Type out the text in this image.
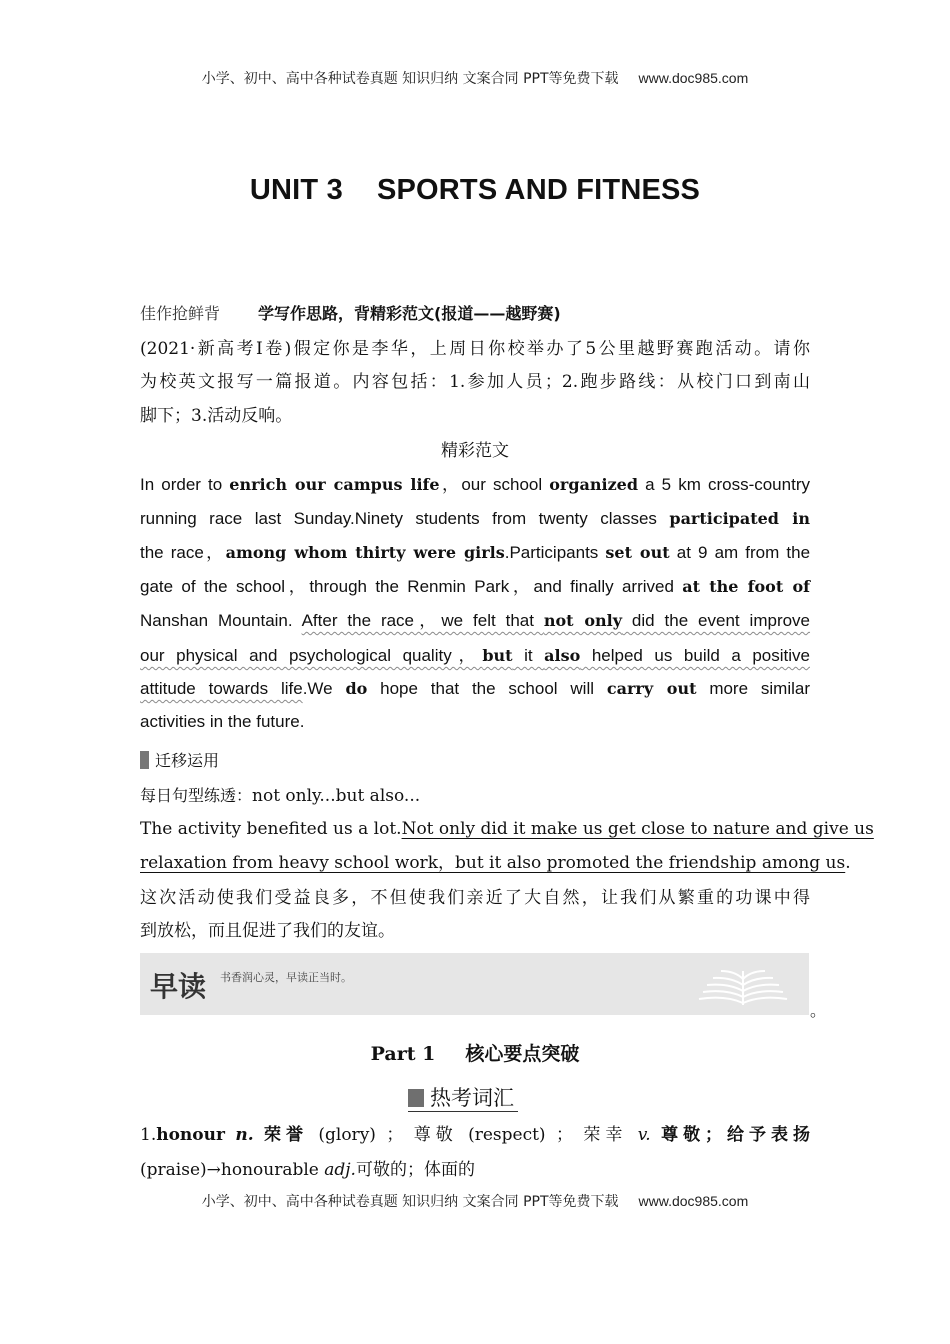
小学、初中、高中各种试卷真题 知识归纳 文案合同 PPT等免费下载 www.doc985.com
UNIT 3 SPORTS AND FITNESS
佳作抢鲜背 学写作思路，背精彩范文(报道——越野赛)
(2021·新高考Ⅰ卷)假定你是李华，上周日你校举办了5公里越野赛跑活动。请你
为校英文报写一篇报道。内容包括：1.参加人员；2.跑步路线：从校门口到南山
脚下；3.活动反响。
精彩范文
In order to enrich our campus life，our school organized a 5 km cross-country
running race last Sunday.Ninety students from twenty classes participated in
the race，among whom thirty were girls.Participants set out at 9 am from the
gate of the school，through the Renmin Park，and finally arrived at the foot of
Nanshan Mountain. After the race，we felt that not only did the event improve
our physical and psychological quality，but it also helped us build a positive
attitude towards life.We do hope that the school will carry out more similar
activities in the future.
迁移运用
每日句型练透：not only...but also...
The activity benefited us a lot.Not only did it make us get close to nature and give us
relaxation from heavy school work，but it also promoted the friendship among us.
这次活动使我们受益良多，不但使我们亲近了大自然，让我们从繁重的功课中得
到放松，而且促进了我们的友谊。
早读 书香润心灵，早读正当时。
。
Part 1 核心要点突破
热考词汇
1.honour n. 荣誉 (glory) ； 尊敬 (respect) ； 荣幸 v. 尊敬；给予表扬
(praise)→honourable adj.可敬的；体面的
小学、初中、高中各种试卷真题 知识归纳 文案合同 PPT等免费下载 www.doc985.com
